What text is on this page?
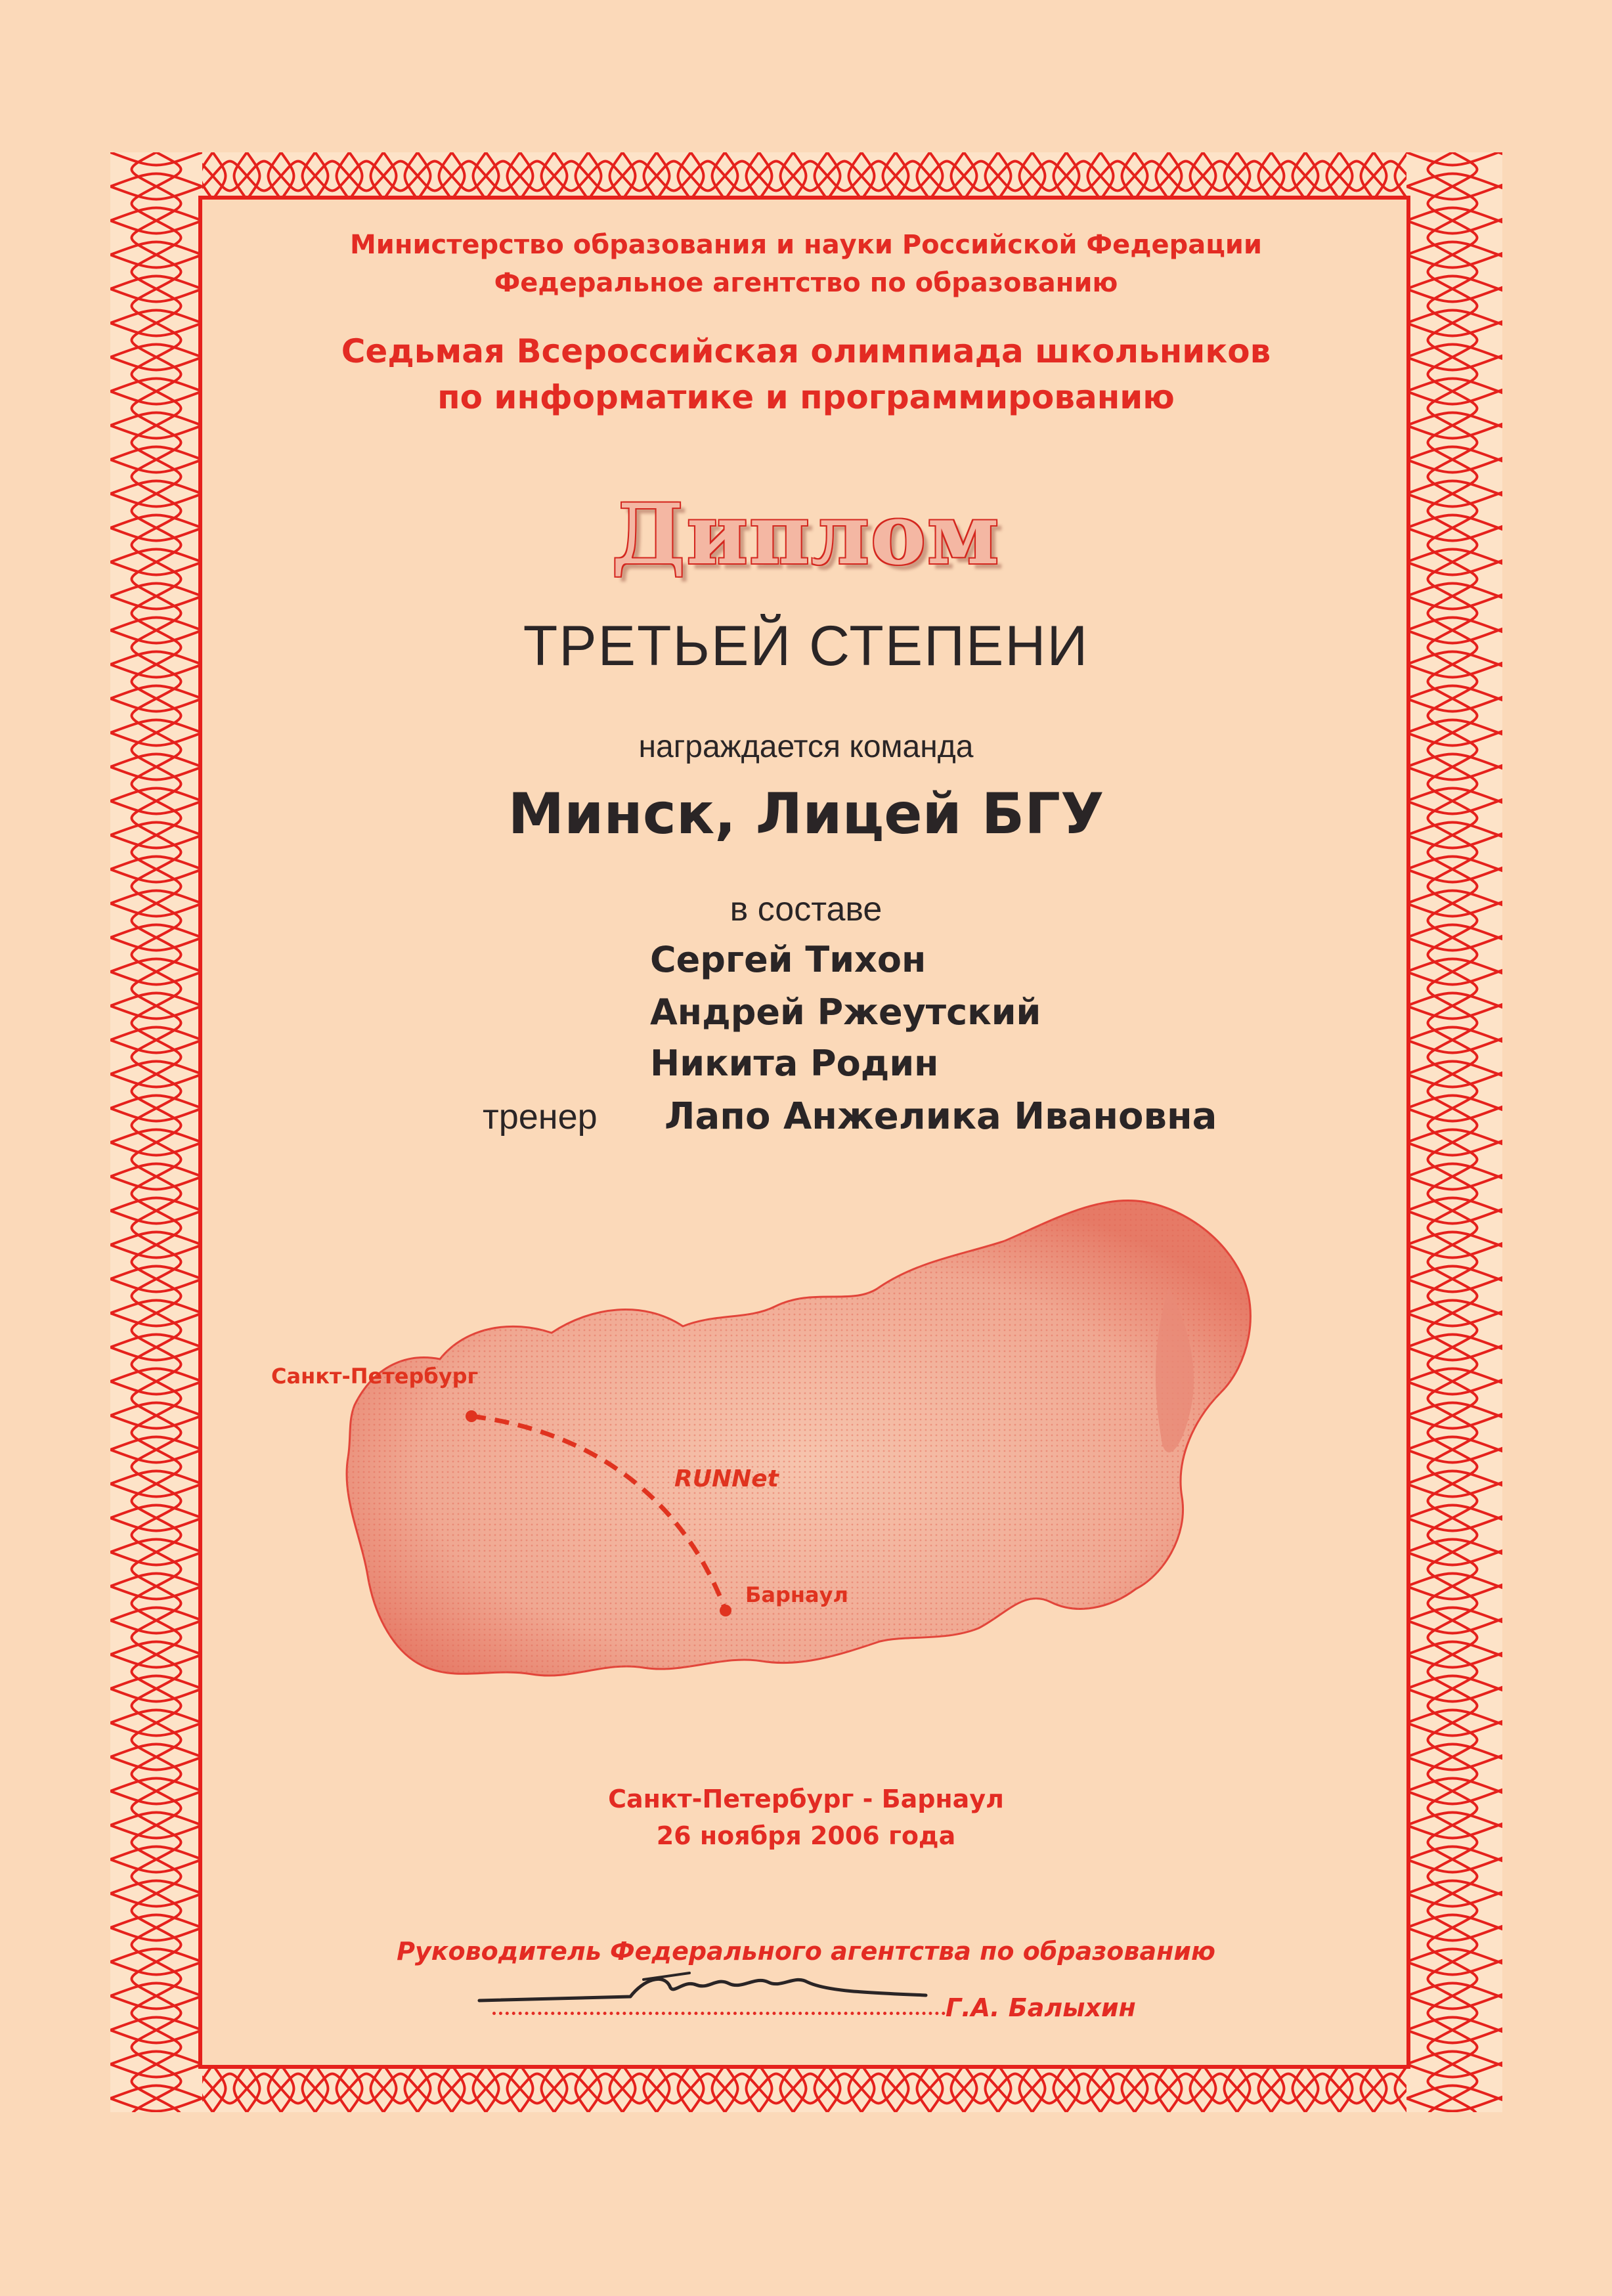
Министерство образования и науки Российской Федерации
Федеральное агентство по образованию
Седьмая Всероссийская олимпиада школьников
по информатике и программированию
Диплом
ТРЕТЬЕЙ СТЕПЕНИ
награждается команда
Минск, Лицей БГУ
в составе
Сергей Тихон
Андрей Ржеутский
Никита Родин
тренер Лапо Анжелика Ивановна
Санкт-Петербург
Барнаул
RUNNet
Санкт-Петербург - Барнаул
26 ноября 2006 года
Руководитель Федерального агентства по образованию
Г.А. Балыхин
